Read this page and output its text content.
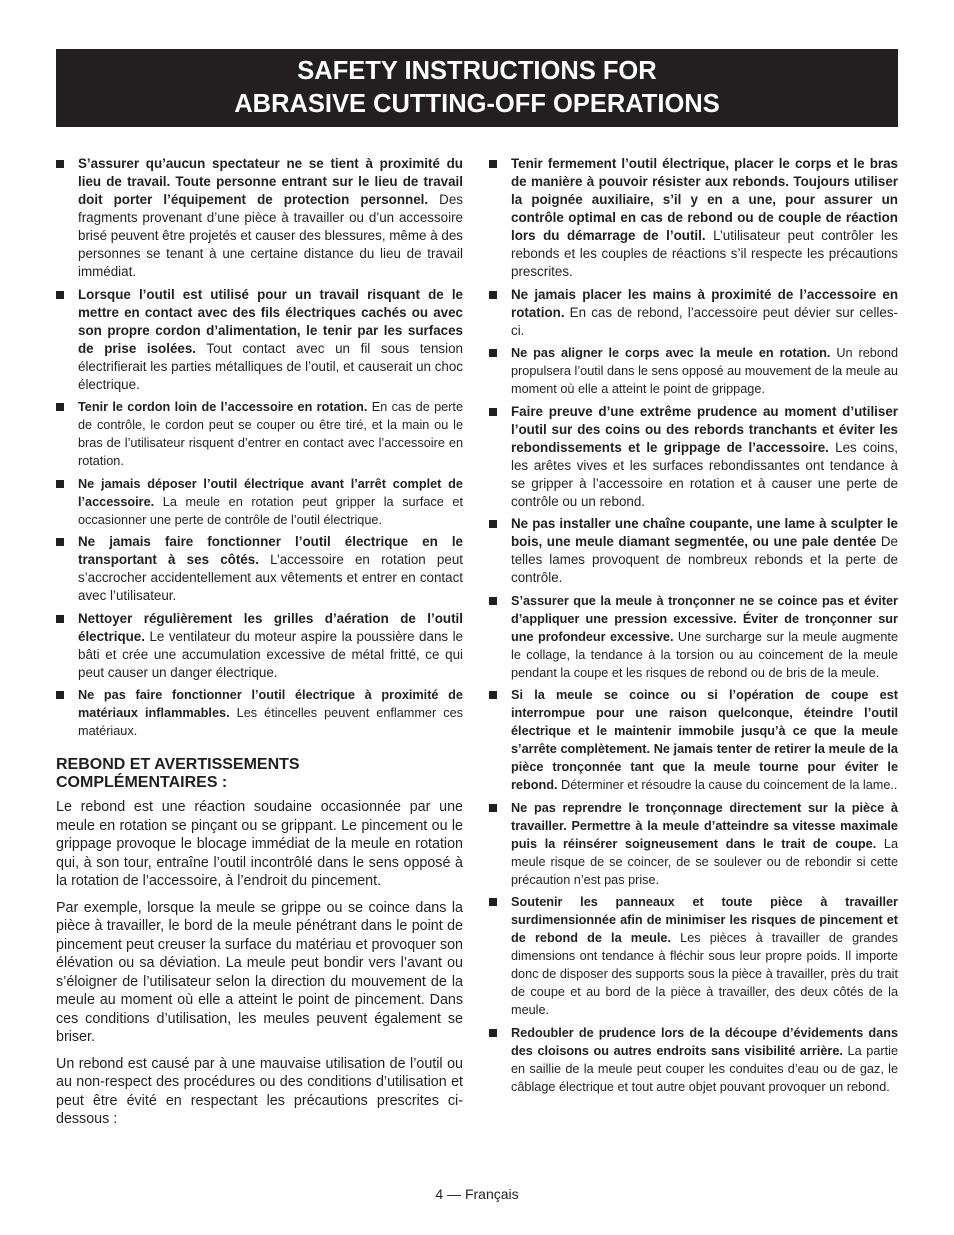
SAFETY INSTRUCTIONS FOR
ABRASIVE CUTTING-OFF OPERATIONS
S’assurer qu’aucun spectateur ne se tient à proximité du lieu de travail. Toute personne entrant sur le lieu de travail doit porter l’équipement de protection personnel. Des fragments provenant d’une pièce à travailler ou d’un accessoire brisé peuvent être projetés et causer des blessures, même à des personnes se tenant à une certaine distance du lieu de travail immédiat.
Lorsque l’outil est utilisé pour un travail risquant de le mettre en contact avec des fils électriques cachés ou avec son propre cordon d’alimentation, le tenir par les surfaces de prise isolées. Tout contact avec un fil sous tension électrifierait les parties métalliques de l’outil, et causerait un choc électrique.
Tenir le cordon loin de l’accessoire en rotation. En cas de perte de contrôle, le cordon peut se couper ou être tiré, et la main ou le bras de l’utilisateur risquent d’entrer en contact avec l’accessoire en rotation.
Ne jamais déposer l’outil électrique avant l’arrêt complet de l’accessoire. La meule en rotation peut gripper la surface et occasionner une perte de contrôle de l’outil électrique.
Ne jamais faire fonctionner l’outil électrique en le transportant à ses côtés. L’accessoire en rotation peut s’accrocher accidentellement aux vêtements et entrer en contact avec l’utilisateur.
Nettoyer régulièrement les grilles d’aération de l’outil électrique. Le ventilateur du moteur aspire la poussière dans le bâti et crée une accumulation excessive de métal fritté, ce qui peut causer un danger électrique.
Ne pas faire fonctionner l’outil électrique à proximité de matériaux inflammables. Les étincelles peuvent enflammer ces matériaux.
REBOND ET AVERTISSEMENTS
COMPLÉMENTAIRES :

Le rebond est une réaction soudaine occasionnée par une meule en rotation se pinçant ou se grippant. Le pincement ou le grippage provoque le blocage immédiat de la meule en rotation qui, à son tour, entraîne l’outil incontrôlé dans le sens opposé à la rotation de l’accessoire, à l’endroit du pincement.

Par exemple, lorsque la meule se grippe ou se coince dans la pièce à travailler, le bord de la meule pénétrant dans le point de pincement peut creuser la surface du matériau et provoquer son élévation ou sa déviation. La meule peut bondir vers l’avant ou s’éloigner de l’utilisateur selon la direction du mouvement de la meule au moment où elle a atteint le point de pincement. Dans ces conditions d’utilisation, les meules peuvent également se briser.

Un rebond est causé par à une mauvaise utilisation de l’outil ou au non-respect des procédures ou des conditions d’utilisation et peut être évité en respectant les précautions prescrites ci-dessous :

Tenir fermement l’outil électrique, placer le corps et le bras de manière à pouvoir résister aux rebonds. Toujours utiliser la poignée auxiliaire, s’il y en a une, pour assurer un contrôle optimal en cas de rebond ou de couple de réaction lors du démarrage de l’outil. L’utilisateur peut contrôler les rebonds et les couples de réactions s’il respecte les précautions prescrites.
Ne jamais placer les mains à proximité de l’accessoire en rotation. En cas de rebond, l’accessoire peut dévier sur celles-ci.
Ne pas aligner le corps avec la meule en rotation. Un rebond propulsera l’outil dans le sens opposé au mouvement de la meule au moment où elle a atteint le point de grippage.
Faire preuve d’une extrême prudence au moment d’utiliser l’outil sur des coins ou des rebords tranchants et éviter les rebondissements et le grippage de l’accessoire. Les coins, les arêtes vives et les surfaces rebondissantes ont tendance à se gripper à l’accessoire en rotation et à causer une perte de contrôle ou un rebond.
Ne pas installer une chaîne coupante, une lame à sculpter le bois, une meule diamant segmentée, ou une pale dentée De telles lames provoquent de nombreux rebonds et la perte de contrôle.
S’assurer que la meule à tronçonner ne se coince pas et éviter d’appliquer une pression excessive. Éviter de tronçonner sur une profondeur excessive. Une surcharge sur la meule augmente le collage, la tendance à la torsion ou au coincement de la meule pendant la coupe et les risques de rebond ou de bris de la meule.
Si la meule se coince ou si l’opération de coupe est interrompue pour une raison quelconque, éteindre l’outil électrique et le maintenir immobile jusqu’à ce que la meule s’arrête complètement. Ne jamais tenter de retirer la meule de la pièce tronçonnée tant que la meule tourne pour éviter le rebond. Déterminer et résoudre la cause du coincement de la lame..
Ne pas reprendre le tronçonnage directement sur la pièce à travailler. Permettre à la meule d’atteindre sa vitesse maximale puis la réinsérer soigneusement dans le trait de coupe. La meule risque de se coincer, de se soulever ou de rebondir si cette précaution n’est pas prise.
Soutenir les panneaux et toute pièce à travailler surdimensionnée afin de minimiser les risques de pincement et de rebond de la meule. Les pièces à travailler de grandes dimensions ont tendance à fléchir sous leur propre poids. Il importe donc de disposer des supports sous la pièce à travailler, près du trait de coupe et au bord de la pièce à travailler, des deux côtés de la meule.
Redoubler de prudence lors de la découpe d’évidements dans des cloisons ou autres endroits sans visibilité arrière. La partie en saillie de la meule peut couper les conduites d’eau ou de gaz, le câblage électrique et tout autre objet pouvant provoquer un rebond.
4 — Français
